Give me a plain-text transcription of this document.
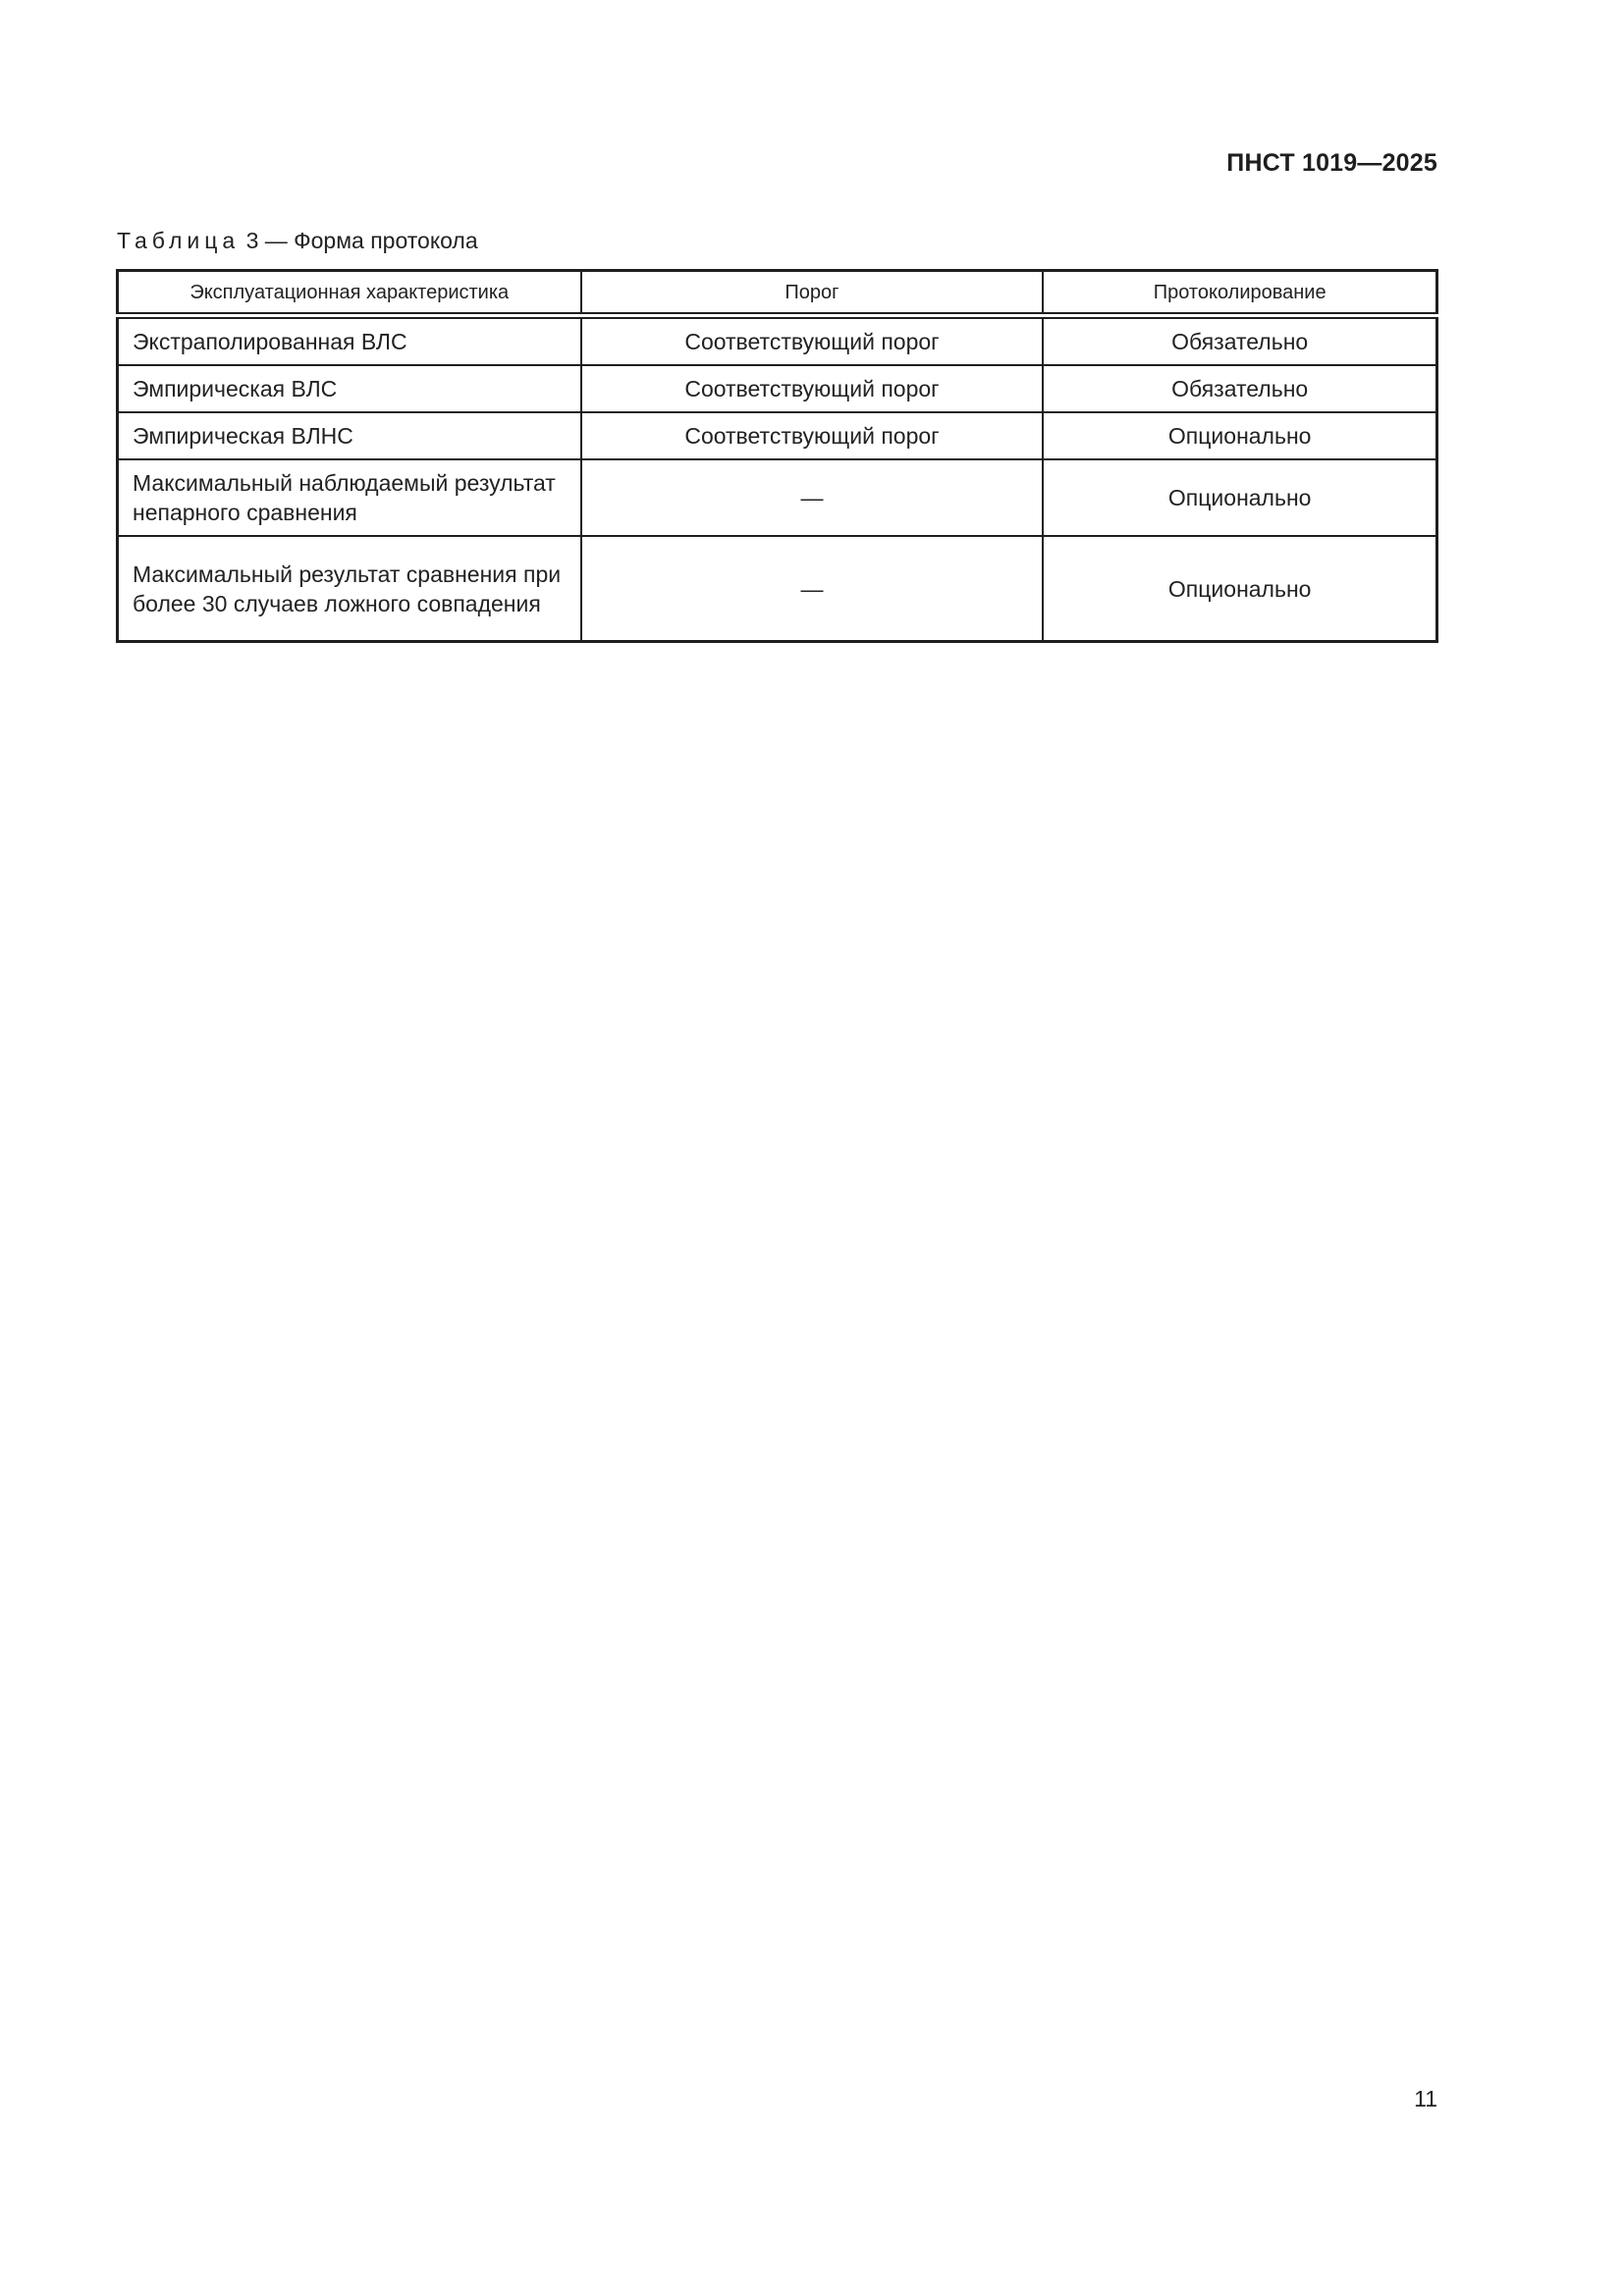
ПНСТ 1019—2025
Таблица 3 — Форма протокола
Эксплуатационная характеристика	Порог	Протоколирование
Экстраполированная ВЛС	Соответствующий порог	Обязательно
Эмпирическая ВЛС	Соответствующий порог	Обязательно
Эмпирическая ВЛНС	Соответствующий порог	Опционально
Максимальный наблюдаемый результат непарного сравнения	—	Опционально
Максимальный результат сравнения при более 30 случаев ложного совпадения	—	Опционально
11
